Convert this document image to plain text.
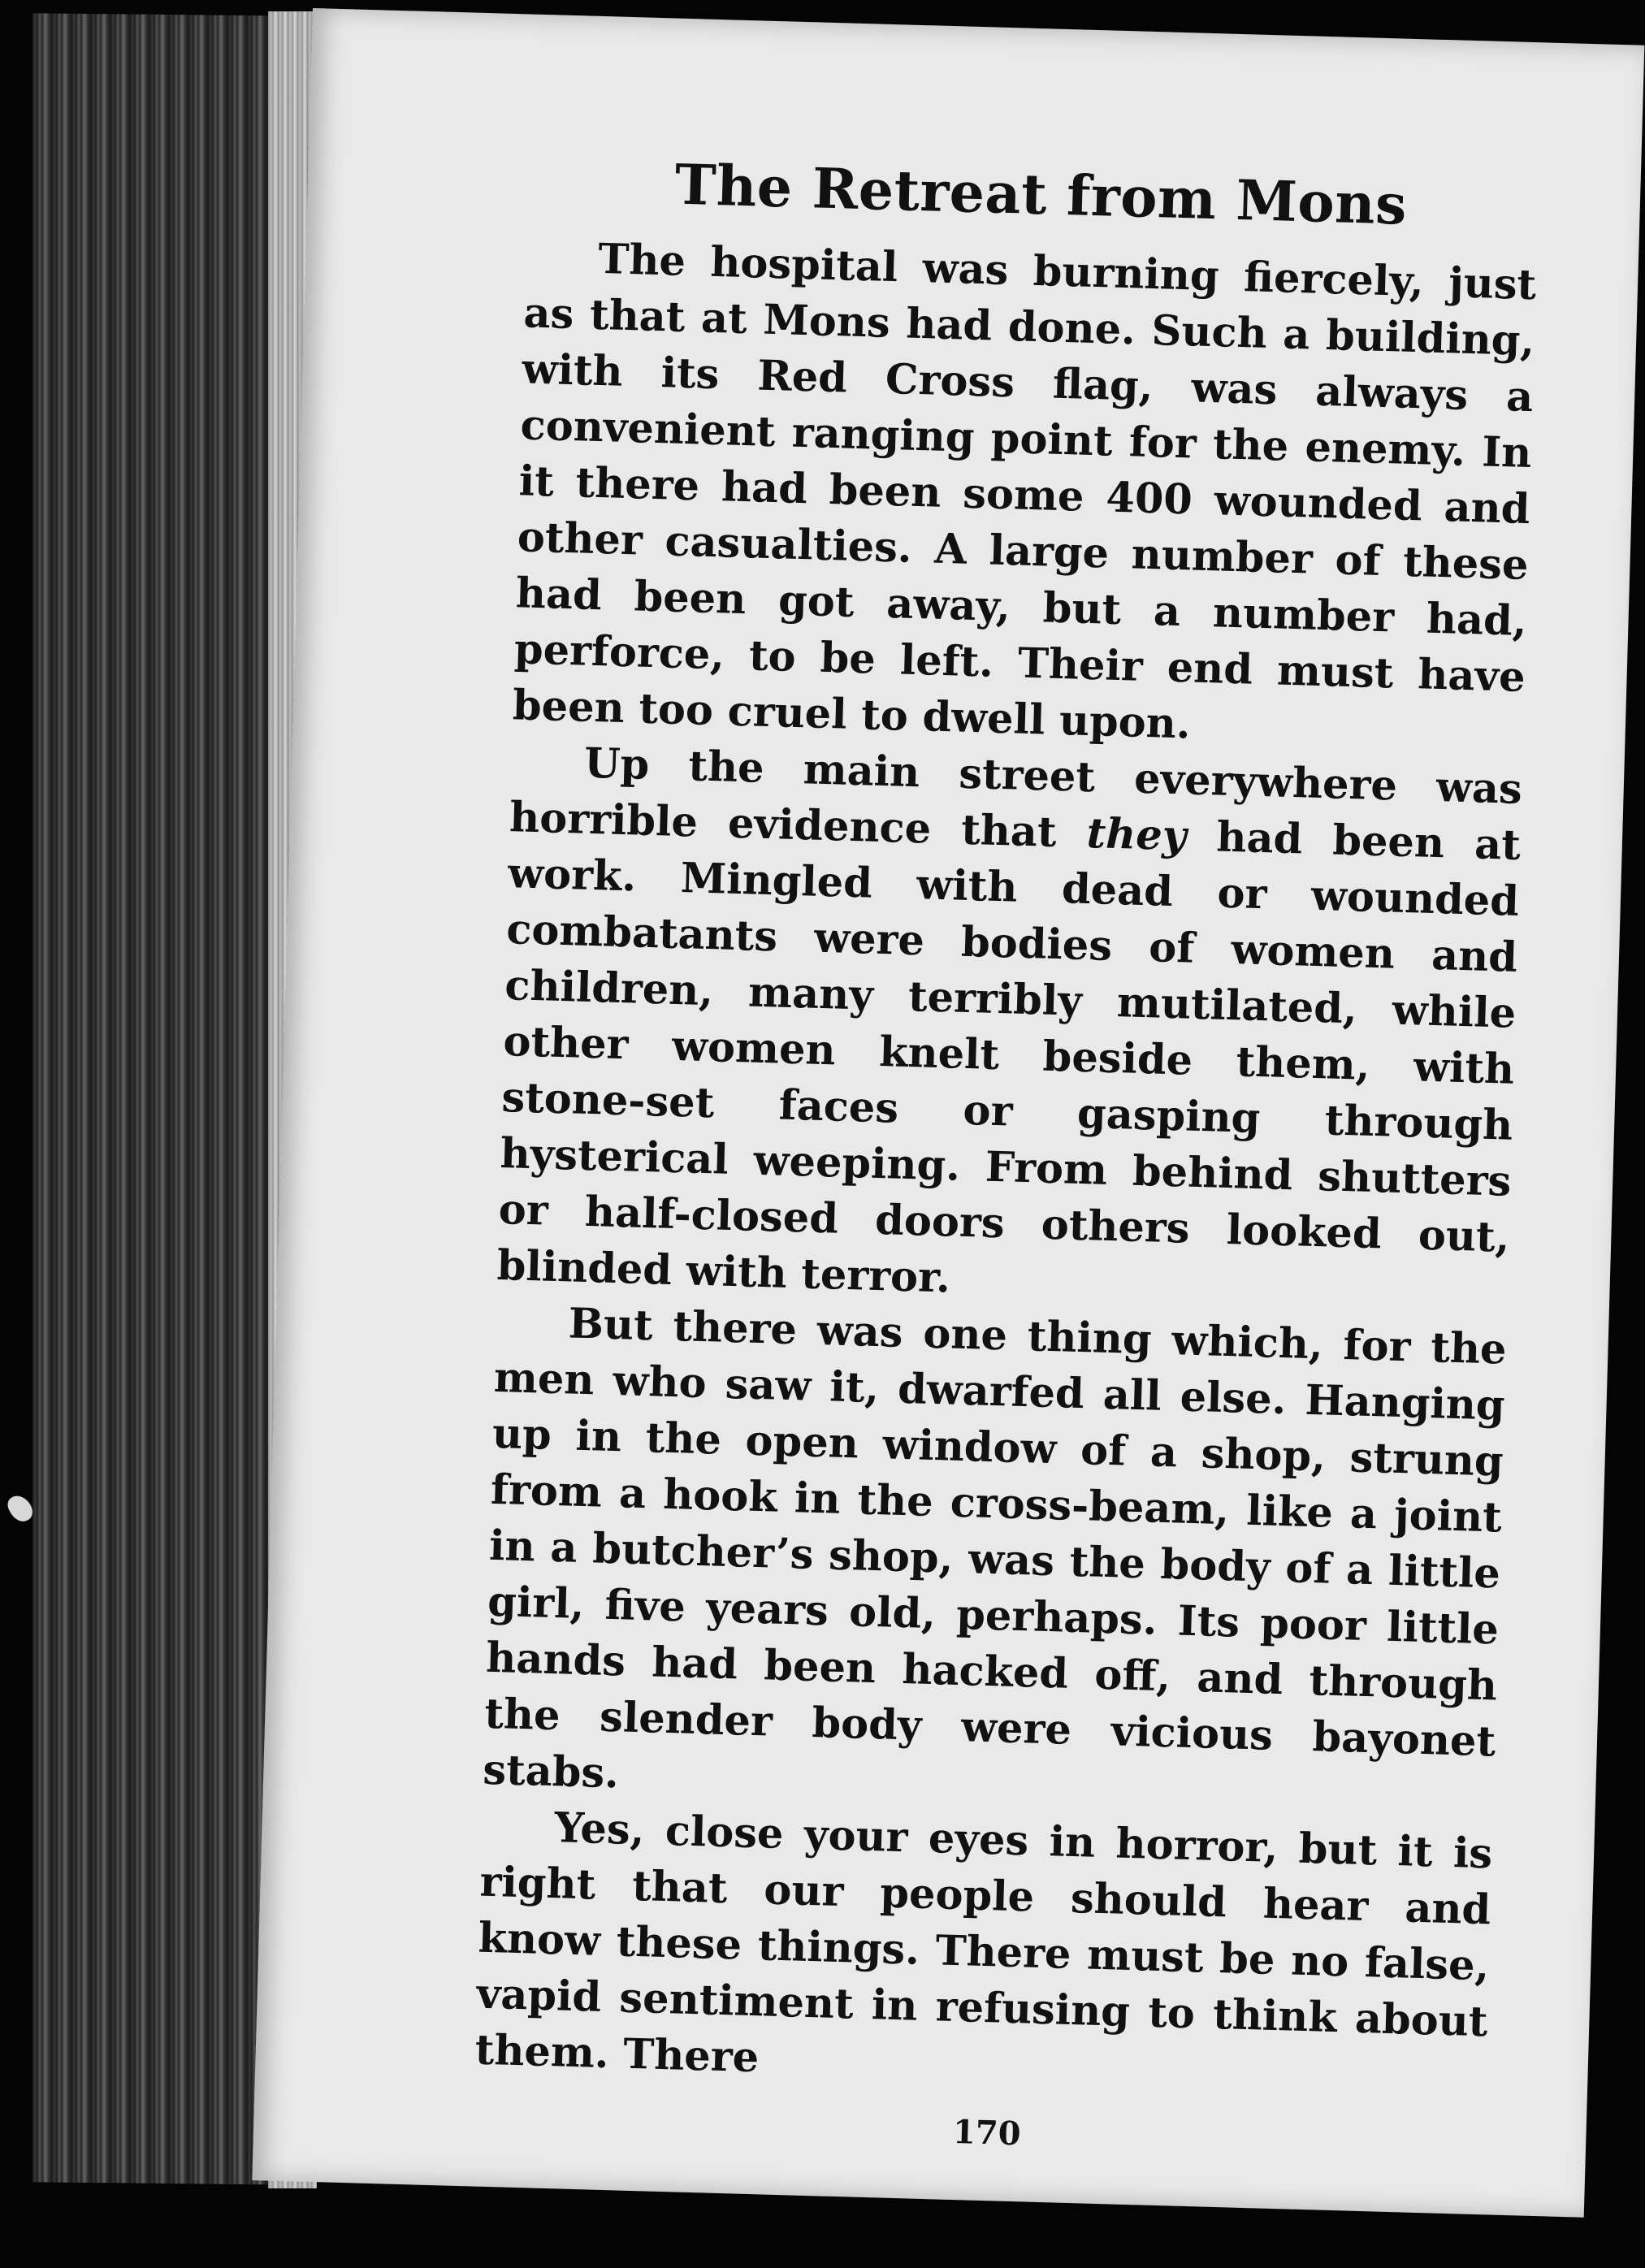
The Retreat from Mons

The hospital was burning fiercely, just as that at Mons had done. Such a building, with its Red Cross flag, was always a convenient ranging point for the enemy. In it there had been some 400 wounded and other casualties. A large number of these had been got away, but a number had, perforce, to be left. Their end must have been too cruel to dwell upon.

Up the main street everywhere was horrible evidence that they had been at work. Mingled with dead or wounded combatants were bodies of women and children, many terribly mutilated, while other women knelt beside them, with stone-set faces or gasping through hysterical weeping. From behind shutters or half-closed doors others looked out, blinded with terror.

But there was one thing which, for the men who saw it, dwarfed all else. Hanging up in the open window of a shop, strung from a hook in the cross-beam, like a joint in a butcher’s shop, was the body of a little girl, five years old, perhaps. Its poor little hands had been hacked off, and through the slender body were vicious bayonet stabs.

Yes, close your eyes in horror, but it is right that our people should hear and know these things. There must be no false, vapid sentiment in refusing to think about them. There

170
